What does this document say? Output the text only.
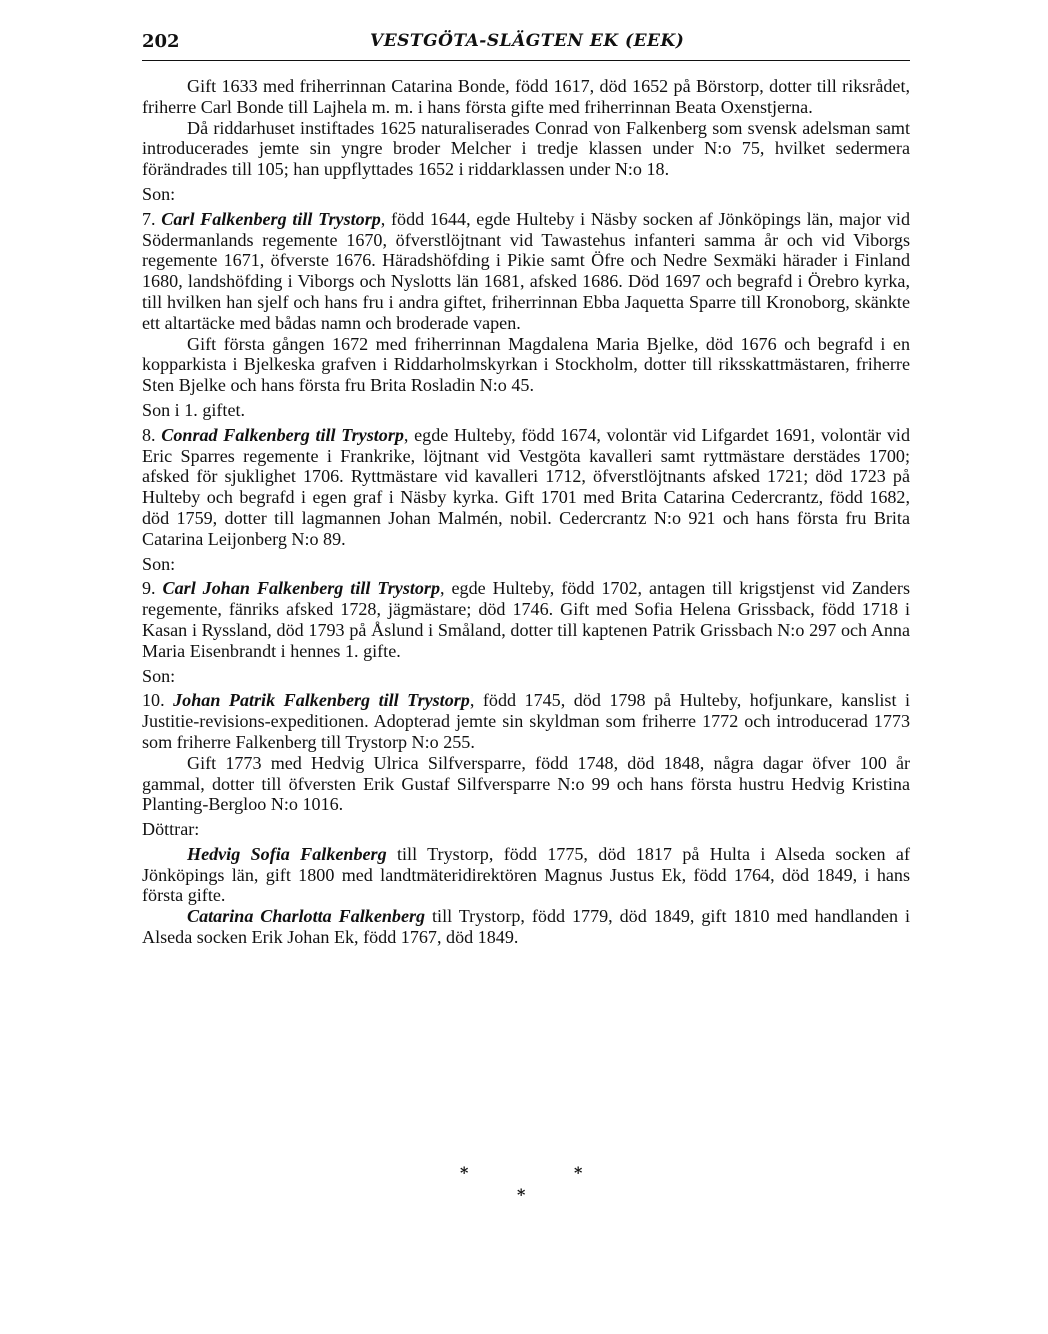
202	VESTGÖTA-SLÄGTEN EK (EEK)

Gift 1633 med friherrinnan Catarina Bonde, född 1617, död 1652 på Börstorp, dotter till riksrådet, friherre Carl Bonde till Lajhela m. m. i hans första gifte med friherrinnan Beata Oxenstjerna.

Då riddarhuset instiftades 1625 naturaliserades Conrad von Falkenberg som svensk adelsman samt introducerades jemte sin yngre broder Melcher i tredje klassen under N:o 75, hvilket sedermera förändrades till 105; han uppflyttades 1652 i riddarklassen under N:o 18.

Son:

7. Carl Falkenberg till Trystorp, född 1644, egde Hulteby i Näsby socken af Jönköpings län, major vid Södermanlands regemente 1670, öfverstlöjtnant vid Tawastehus infanteri samma år och vid Viborgs regemente 1671, öfverste 1676. Häradshöfding i Pikie samt Öfre och Nedre Sexmäki härader i Finland 1680, landshöfding i Viborgs och Nyslotts län 1681, afsked 1686. Död 1697 och begrafd i Örebro kyrka, till hvilken han sjelf och hans fru i andra giftet, friherrinnan Ebba Jaquetta Sparre till Kronoborg, skänkte ett altartäcke med bådas namn och broderade vapen.

Gift första gången 1672 med friherrinnan Magdalena Maria Bjelke, död 1676 och begrafd i en kopparkista i Bjelkeska grafven i Riddarholmskyrkan i Stockholm, dotter till riksskattmästaren, friherre Sten Bjelke och hans första fru Brita Rosladin N:o 45.

Son i 1. giftet.

8. Conrad Falkenberg till Trystorp, egde Hulteby, född 1674, volontär vid Lifgardet 1691, volontär vid Eric Sparres regemente i Frankrike, löjtnant vid Vestgöta kavalleri samt ryttmästare derstädes 1700; afsked för sjuklighet 1706. Ryttmästare vid kavalleri 1712, öfverstlöjtnants afsked 1721; död 1723 på Hulteby och begrafd i egen graf i Näsby kyrka. Gift 1701 med Brita Catarina Cedercrantz, född 1682, död 1759, dotter till lagmannen Johan Malmén, nobil. Cedercrantz N:o 921 och hans första fru Brita Catarina Leijonberg N:o 89.

Son:

9. Carl Johan Falkenberg till Trystorp, egde Hulteby, född 1702, antagen till krigstjenst vid Zanders regemente, fänriks afsked 1728, jägmästare; död 1746. Gift med Sofia Helena Grissback, född 1718 i Kasan i Ryssland, död 1793 på Åslund i Småland, dotter till kaptenen Patrik Grissbach N:o 297 och Anna Maria Eisenbrandt i hennes 1. gifte.

Son:

10. Johan Patrik Falkenberg till Trystorp, född 1745, död 1798 på Hulteby, hofjunkare, kanslist i Justitie-revisions-expeditionen. Adopterad jemte sin skyldman som friherre 1772 och introducerad 1773 som friherre Falkenberg till Trystorp N:o 255.

Gift 1773 med Hedvig Ulrica Silfversparre, född 1748, död 1848, några dagar öfver 100 år gammal, dotter till öfversten Erik Gustaf Silfversparre N:o 99 och hans första hustru Hedvig Kristina Planting-Bergloo N:o 1016.

Döttrar:

Hedvig Sofia Falkenberg till Trystorp, född 1775, död 1817 på Hulta i Alseda socken af Jönköpings län, gift 1800 med landtmäteridirektören Magnus Justus Ek, född 1764, död 1849, i hans första gifte.

Catarina Charlotta Falkenberg till Trystorp, född 1779, död 1849, gift 1810 med handlanden i Alseda socken Erik Johan Ek, född 1767, död 1849.

*	*
*
